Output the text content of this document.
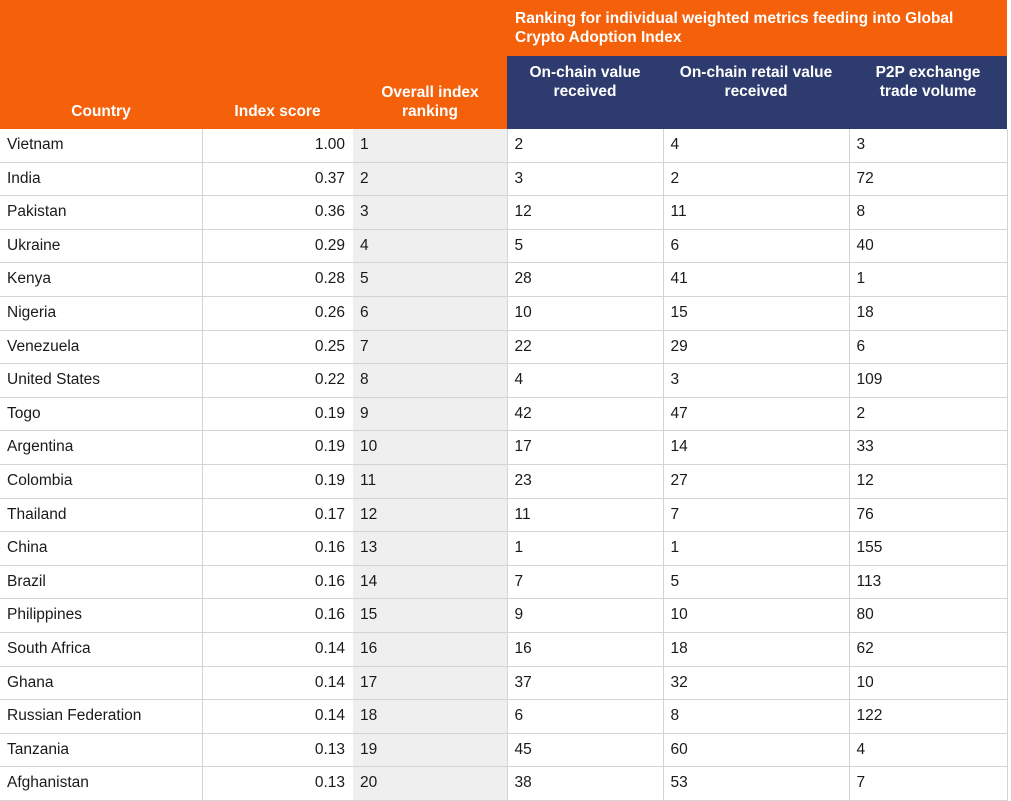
Country	Index score	Overall index ranking	Ranking for individual weighted metrics feeding into Global Crypto Adoption Index		

			On-chain value received	On-chain retail value received	P2P exchange trade volume

Vietnam	1.00	1	2	4	3
India	0.37	2	3	2	72
Pakistan	0.36	3	12	11	8
Ukraine	0.29	4	5	6	40
Kenya	0.28	5	28	41	1
Nigeria	0.26	6	10	15	18
Venezuela	0.25	7	22	29	6
United States	0.22	8	4	3	109
Togo	0.19	9	42	47	2
Argentina	0.19	10	17	14	33
Colombia	0.19	11	23	27	12
Thailand	0.17	12	11	7	76
China	0.16	13	1	1	155
Brazil	0.16	14	7	5	113
Philippines	0.16	15	9	10	80
South Africa	0.14	16	16	18	62
Ghana	0.14	17	37	32	10
Russian Federation	0.14	18	6	8	122
Tanzania	0.13	19	45	60	4
Afghanistan	0.13	20	38	53	7
